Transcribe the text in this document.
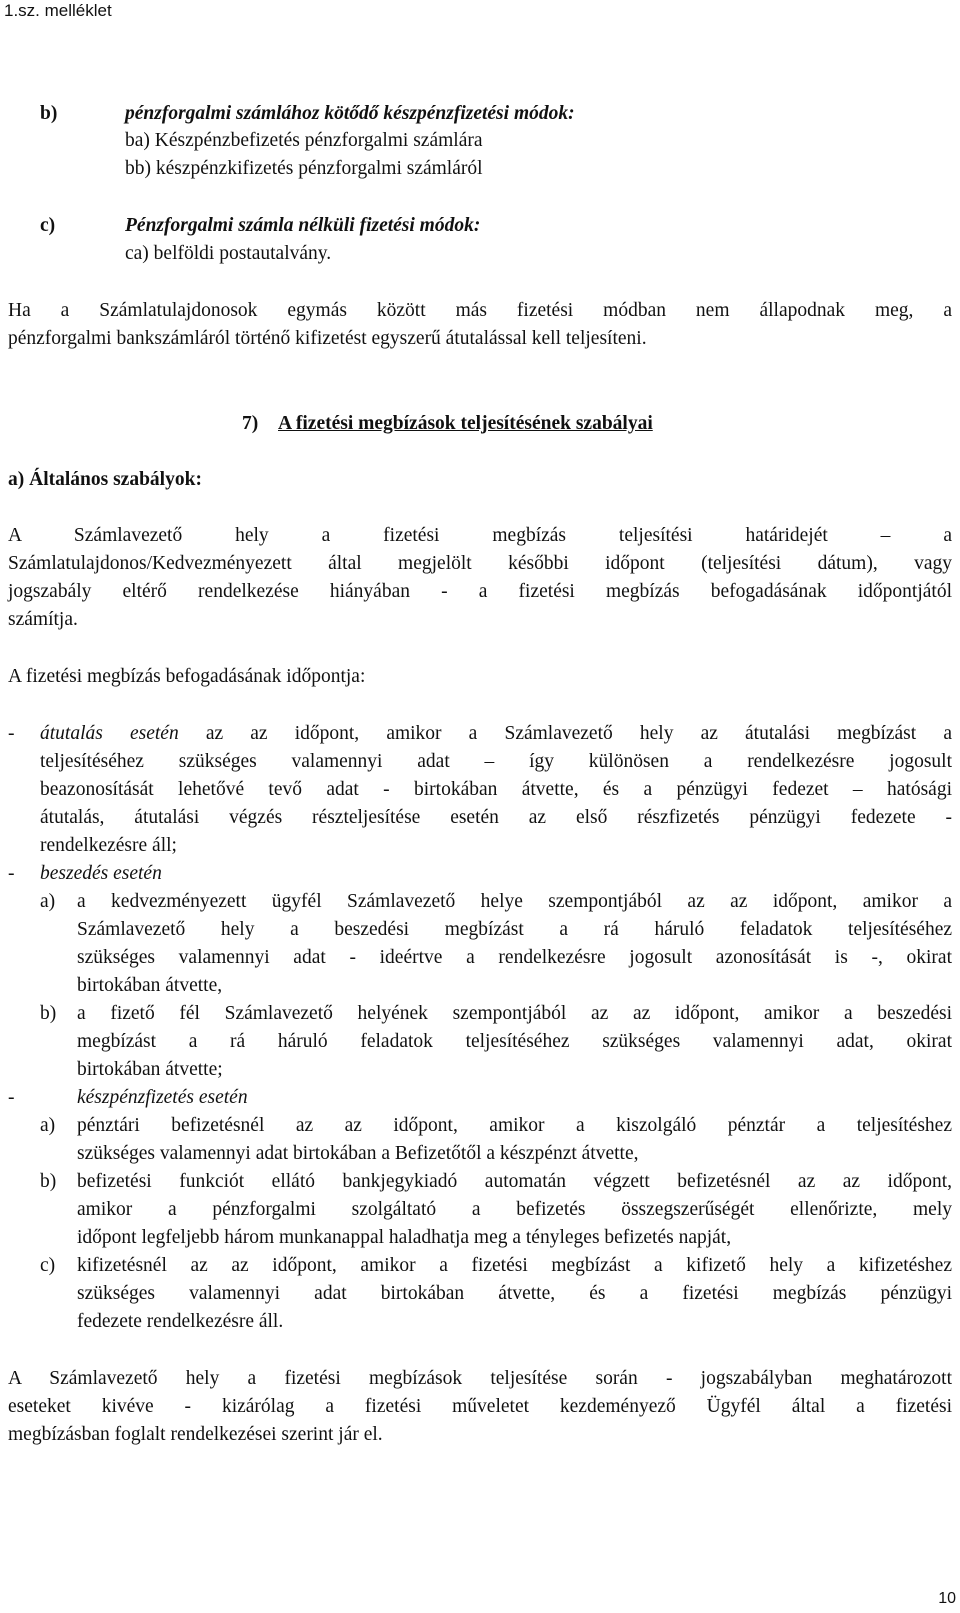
1.sz. melléklet
b)	pénzforgalmi számlához kötődő készpénzfizetési módok:
ba) Készpénzbefizetés pénzforgalmi számlára
bb) készpénzkifizetés pénzforgalmi számláról
c)	Pénzforgalmi számla nélküli fizetési módok:
ca) belföldi postautalvány.
Ha a Számlatulajdonosok egymás között más fizetési módban nem állapodnak meg, a
pénzforgalmi bankszámláról történő kifizetést egyszerű átutalással kell teljesíteni.
7) A fizetési megbízások teljesítésének szabályai
a) Általános szabályok:
A Számlavezető hely a fizetési megbízás teljesítési határidejét – a
Számlatulajdonos/Kedvezményezett által megjelölt későbbi időpont (teljesítési dátum), vagy
jogszabály eltérő rendelkezése hiányában - a fizetési megbízás befogadásának időpontjától
számítja.
A fizetési megbízás befogadásának időpontja:
- átutalás esetén az az időpont, amikor a Számlavezető hely az átutalási megbízást a
teljesítéséhez szükséges valamennyi adat – így különösen a rendelkezésre jogosult
beazonosítását lehetővé tevő adat - birtokában átvette, és a pénzügyi fedezet – hatósági
átutalás, átutalási végzés részteljesítése esetén az első részfizetés pénzügyi fedezete -
rendelkezésre áll;
- beszedés esetén
a) a kedvezményezett ügyfél Számlavezető helye szempontjából az az időpont, amikor a
Számlavezető hely a beszedési megbízást a rá háruló feladatok teljesítéséhez
szükséges valamennyi adat - ideértve a rendelkezésre jogosult azonosítását is -, okirat
birtokában átvette,
b) a fizető fél Számlavezető helyének szempontjából az az időpont, amikor a beszedési
megbízást a rá háruló feladatok teljesítéséhez szükséges valamennyi adat, okirat
birtokában átvette;
-	készpénzfizetés esetén
a) pénztári befizetésnél az az időpont, amikor a kiszolgáló pénztár a teljesítéshez
szükséges valamennyi adat birtokában a Befizetőtől a készpénzt átvette,
b) befizetési funkciót ellátó bankjegykiadó automatán végzett befizetésnél az az időpont,
amikor a pénzforgalmi szolgáltató a befizetés összegszerűségét ellenőrizte, mely
időpont legfeljebb három munkanappal haladhatja meg a tényleges befizetés napját,
c) kifizetésnél az az időpont, amikor a fizetési megbízást a kifizető hely a kifizetéshez
szükséges valamennyi adat birtokában átvette, és a fizetési megbízás pénzügyi
fedezete rendelkezésre áll.
A Számlavezető hely a fizetési megbízások teljesítése során - jogszabályban meghatározott
eseteket kivéve - kizárólag a fizetési műveletet kezdeményező Ügyfél által a fizetési
megbízásban foglalt rendelkezései szerint jár el.
10
